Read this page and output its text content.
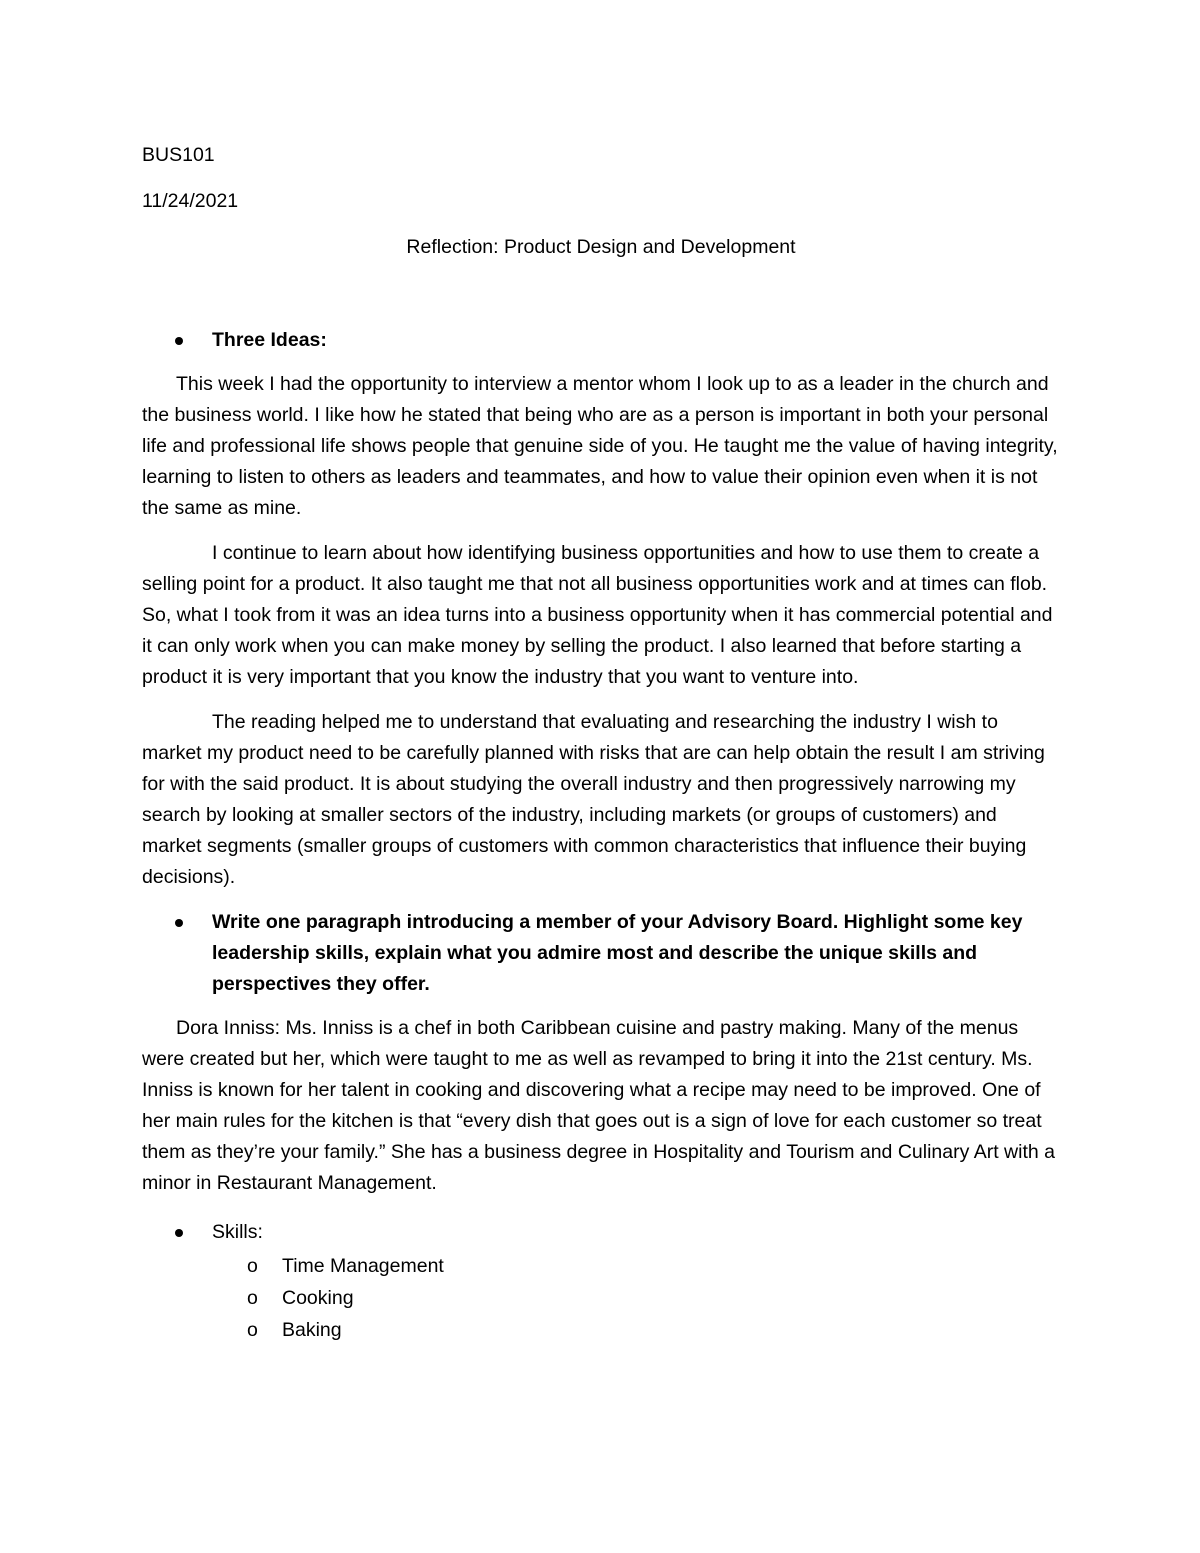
BUS101

11/24/2021

Reflection: Product Design and Development

Three Ideas:

This week I had the opportunity to interview a mentor whom I look up to as a leader in the church and the business world. I like how he stated that being who are as a person is important in both your personal life and professional life shows people that genuine side of you. He taught me the value of having integrity, learning to listen to others as leaders and teammates, and how to value their opinion even when it is not the same as mine.

I continue to learn about how identifying business opportunities and how to use them to create a selling point for a product. It also taught me that not all business opportunities work and at times can flob. So, what I took from it was an idea turns into a business opportunity when it has commercial potential and it can only work when you can make money by selling the product. I also learned that before starting a product it is very important that you know the industry that you want to venture into.

The reading helped me to understand that evaluating and researching the industry I wish to market my product need to be carefully planned with risks that are can help obtain the result I am striving for with the said product. It is about studying the overall industry and then progressively narrowing my search by looking at smaller sectors of the industry, including markets (or groups of customers) and market segments (smaller groups of customers with common characteristics that influence their buying decisions).

Write one paragraph introducing a member of your Advisory Board. Highlight some key leadership skills, explain what you admire most and describe the unique skills and perspectives they offer.

Dora Inniss: Ms. Inniss is a chef in both Caribbean cuisine and pastry making. Many of the menus were created but her, which were taught to me as well as revamped to bring it into the 21st century. Ms. Inniss is known for her talent in cooking and discovering what a recipe may need to be improved. One of her main rules for the kitchen is that “every dish that goes out is a sign of love for each customer so treat them as they’re your family.” She has a business degree in Hospitality and Tourism and Culinary Art with a minor in Restaurant Management.

Skills:
o Time Management
o Cooking
o Baking
